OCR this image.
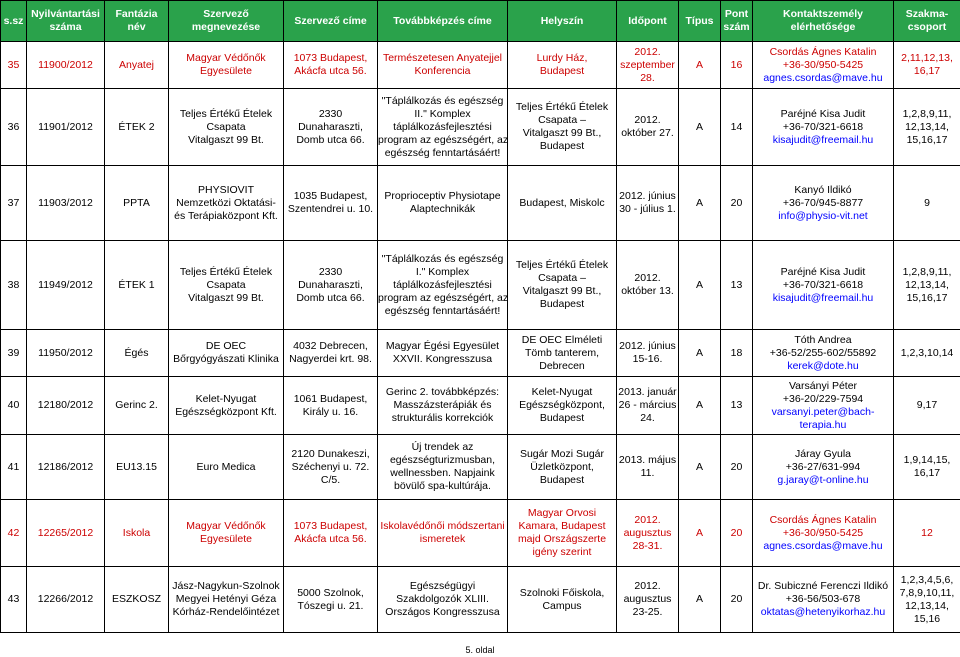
s.sz	Nyilvántartási
száma	Fantázia
név	Szervező
megnevezése	Szervező címe	Továbbképzés címe	Helyszín	Időpont	Típus	Pont
szám	Kontaktszemély
elérhetősége	Szakma-
csoport
35	11900/2012	Anyatej	Magyar Védőnők
Egyesülete	1073 Budapest,
Akácfa utca 56.	Természetesen Anyatejjel
Konferencia	Lurdy Ház,
Budapest	2012.
szeptember
28.	A	16	Csordás Ágnes Katalin
+36-30/950-5425
agnes.csordas@mave.hu	2,11,12,13,
16,17
36	11901/2012	ÉTEK 2	Teljes Értékű Ételek
Csapata
Vitalgaszt 99 Bt.	2330
Dunaharaszti,
Domb utca 66.	"Táplálkozás és egészség
II." Komplex
táplálkozásfejlesztési
program az egészségért, az
egészség fenntartásáért!	Teljes Értékű Ételek
Csapata –
Vitalgaszt 99 Bt.,
Budapest	2012.
október 27.	A	14	Paréjné Kisa Judit
+36-70/321-6618
kisajudit@freemail.hu	1,2,8,9,11,
12,13,14,
15,16,17
37	11903/2012	PPTA	PHYSIOVIT
Nemzetközi Oktatási-
és Terápiaközpont Kft.	1035 Budapest,
Szentendrei u. 10.	Proprioceptiv Physiotape
Alaptechnikák	Budapest, Miskolc	2012. június
30 - július 1.	A	20	Kanyó Ildikó
+36-70/945-8877
info@physio-vit.net	9
38	11949/2012	ÉTEK 1	Teljes Értékű Ételek
Csapata
Vitalgaszt 99 Bt.	2330
Dunaharaszti,
Domb utca 66.	"Táplálkozás és egészség
I." Komplex
táplálkozásfejlesztési
program az egészségért, az
egészség fenntartásáért!	Teljes Értékű Ételek
Csapata –
Vitalgaszt 99 Bt.,
Budapest	2012.
október 13.	A	13	Paréjné Kisa Judit
+36-70/321-6618
kisajudit@freemail.hu	1,2,8,9,11,
12,13,14,
15,16,17
39	11950/2012	Égés	DE OEC
Bőrgyógyászati Klinika	4032 Debrecen,
Nagyerdei krt. 98.	Magyar Égési Egyesület
XXVII. Kongresszusa	DE OEC Elméleti
Tömb tanterem,
Debrecen	2012. június
15-16.	A	18	Tóth Andrea
+36-52/255-602/55892
kerek@dote.hu	1,2,3,10,14
40	12180/2012	Gerinc 2.	Kelet-Nyugat
Egészségközpont Kft.	1061 Budapest,
Király u. 16.	Gerinc 2. továbbképzés:
Masszázsterápiák és
strukturális korrekciók	Kelet-Nyugat
Egészségközpont,
Budapest	2013. január
26 - március
24.	A	13	Varsányi Péter
+36-20/229-7594
varsanyi.peter@bach-
terapia.hu	9,17
41	12186/2012	EU13.15	Euro Medica	2120 Dunakeszi,
Széchenyi u. 72.
C/5.	Új trendek az
egészségturizmusban,
wellnessben. Napjaink
bövülő spa-kultúrája.	Sugár Mozi Sugár
Üzletközpont,
Budapest	2013. május
11.	A	20	Járay Gyula
+36-27/631-994
g.jaray@t-online.hu	1,9,14,15,
16,17
42	12265/2012	Iskola	Magyar Védőnők
Egyesülete	1073 Budapest,
Akácfa utca 56.	Iskolavédőnői módszertani
ismeretek	Magyar Orvosi
Kamara, Budapest
majd Országszerte
igény szerint	2012.
augusztus
28-31.	A	20	Csordás Ágnes Katalin
+36-30/950-5425
agnes.csordas@mave.hu	12
43	12266/2012	ESZKOSZ	Jász-Nagykun-Szolnok
Megyei Hetényi Géza
Kórház-Rendelőintézet	5000 Szolnok,
Tószegi u. 21.	Egészségügyi
Szakdolgozók XLIII.
Országos Kongresszusa	Szolnoki Főiskola,
Campus	2012.
augusztus
23-25.	A	20	Dr. Subiczné Ferenczi Ildikó
+36-56/503-678
oktatas@hetenyikorhaz.hu	1,2,3,4,5,6,
7,8,9,10,11,
12,13,14,
15,16
5. oldal
